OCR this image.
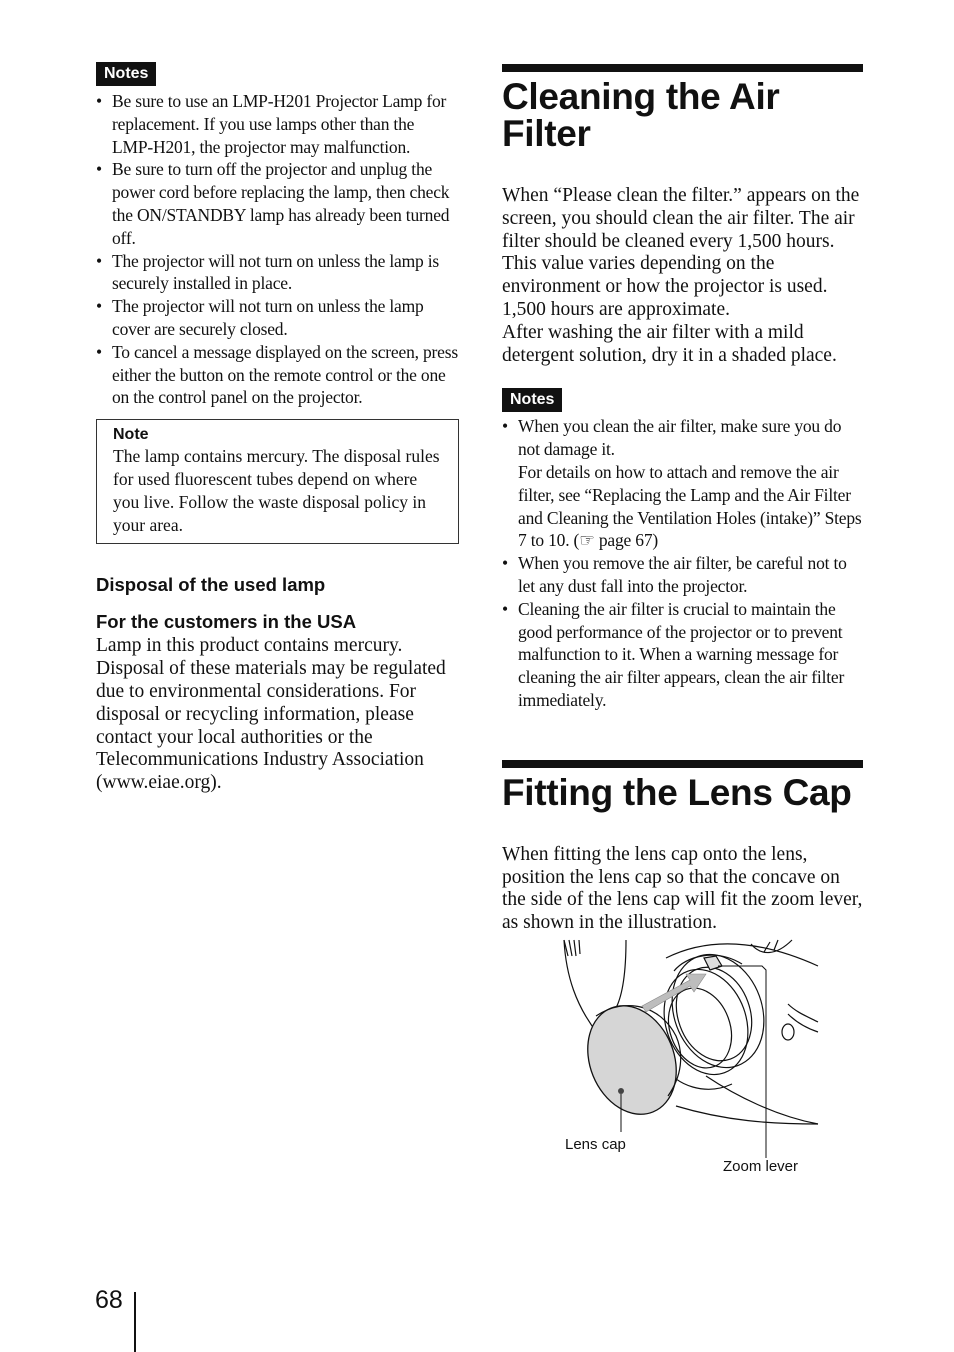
Notes
• Be sure to use an LMP-H201 Projector Lamp for replacement. If you use lamps other than the LMP-H201, the projector may malfunction.
• Be sure to turn off the projector and unplug the power cord before replacing the lamp, then check the ON/STANDBY lamp has already been turned off.
• The projector will not turn on unless the lamp is securely installed in place.
• The projector will not turn on unless the lamp cover are securely closed.
• To cancel a message displayed on the screen, press either the button on the remote control or the one on the control panel on the projector.
Note
The lamp contains mercury. The disposal rules for used fluorescent tubes depend on where you live. Follow the waste disposal policy in your area.
Disposal of the used lamp
For the customers in the USA
Lamp in this product contains mercury. Disposal of these materials may be regulated due to environmental considerations. For disposal or recycling information, please contact your local authorities or the Telecommunications Industry Association (www.eiae.org).
Cleaning the Air Filter
When “Please clean the filter.” appears on the screen, you should clean the air filter. The air filter should be cleaned every 1,500 hours. This value varies depending on the environment or how the projector is used. 1,500 hours are approximate.
After washing the air filter with a mild detergent solution, dry it in a shaded place.
Notes
• When you clean the air filter, make sure you do not damage it.
For details on how to attach and remove the air filter, see “Replacing the Lamp and the Air Filter and Cleaning the Ventilation Holes (intake)” Steps 7 to 10. (☞ page 67)
• When you remove the air filter, be careful not to let any dust fall into the projector.
• Cleaning the air filter is crucial to maintain the good performance of the projector or to prevent malfunction to it. When a warning message for cleaning the air filter appears, clean the air filter immediately.
Fitting the Lens Cap
When fitting the lens cap onto the lens, position the lens cap so that the concave on the side of the lens cap will fit the zoom lever, as shown in the illustration.
Lens cap
Zoom lever
68
